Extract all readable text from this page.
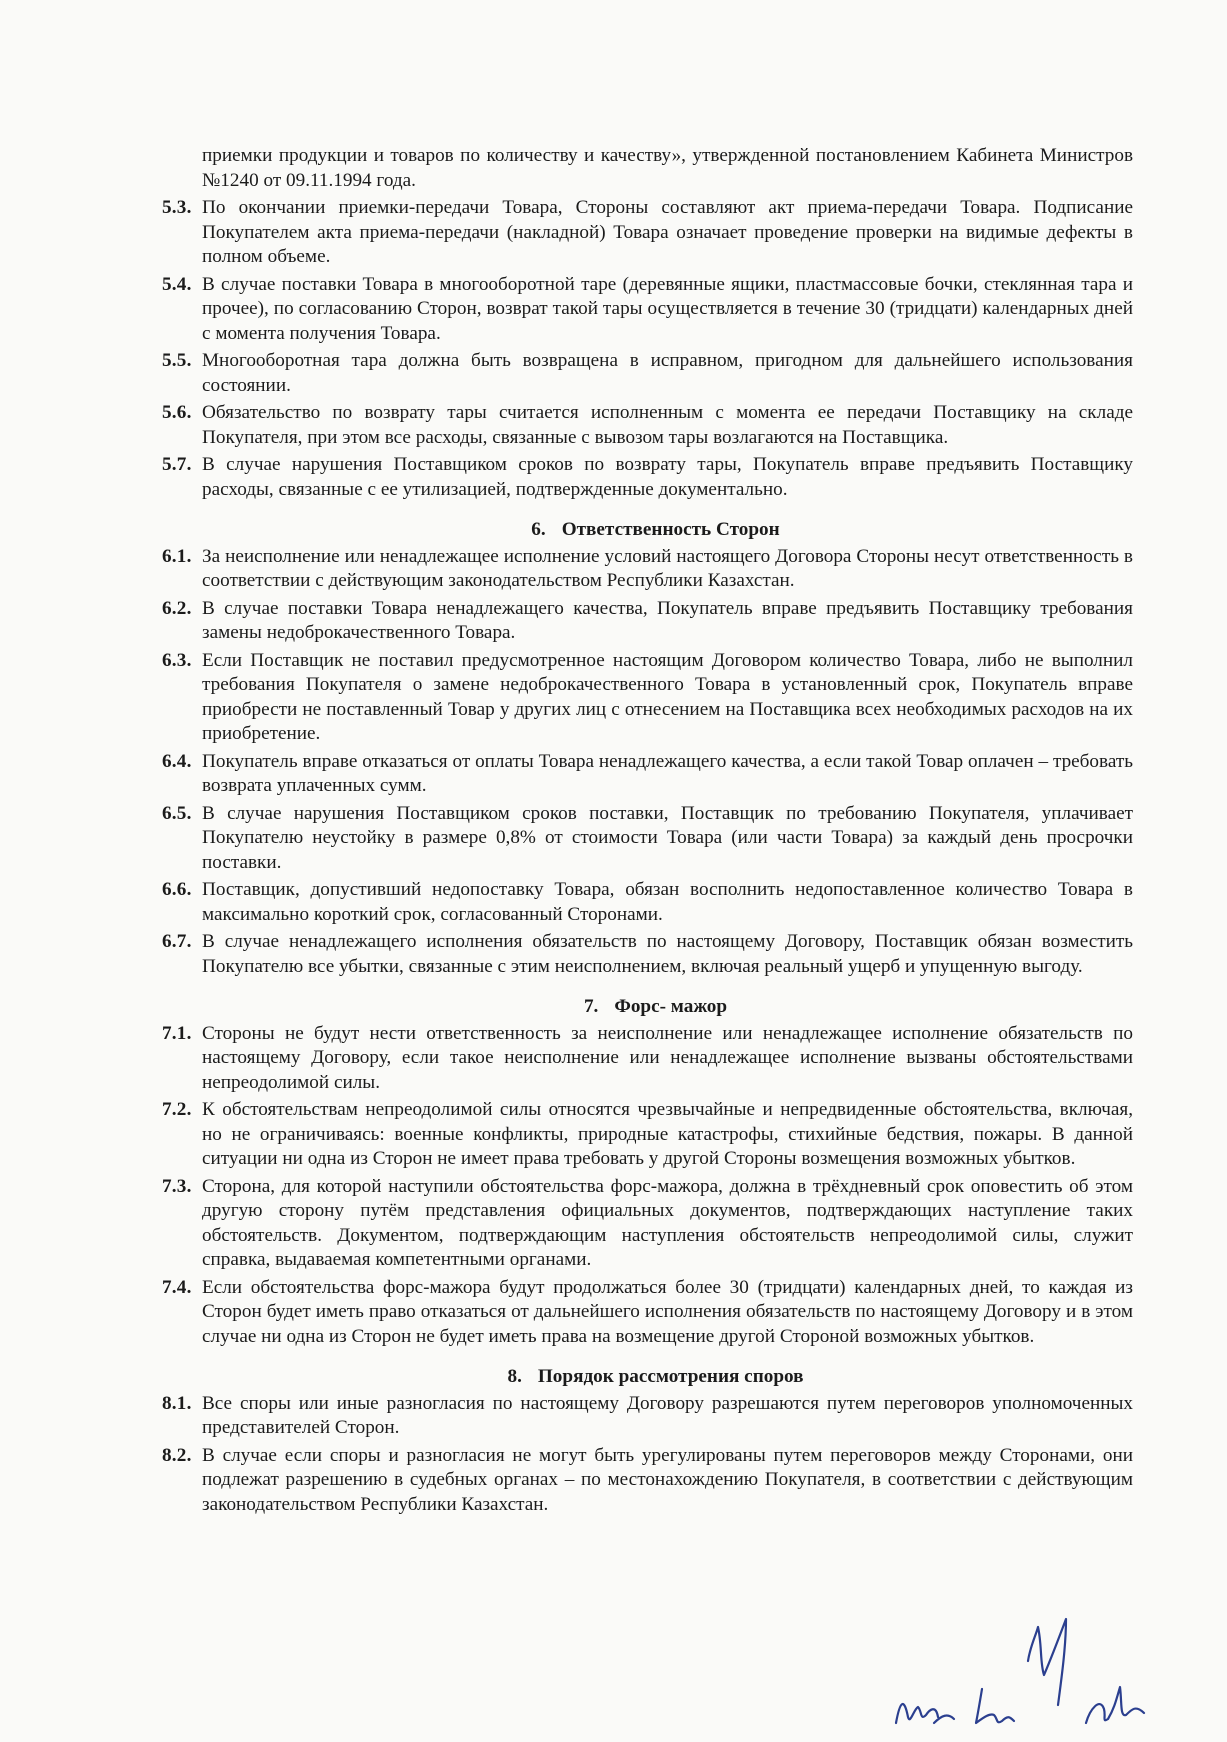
приемки продукции и товаров по количеству и качеству», утвержденной постановлением Кабинета Министров №1240 от 09.11.1994 года.

5.3. По окончании приемки-передачи Товара, Стороны составляют акт приема-передачи Товара. Подписание Покупателем акта приема-передачи (накладной) Товара означает проведение проверки на видимые дефекты в полном объеме.
5.4. В случае поставки Товара в многооборотной таре (деревянные ящики, пластмассовые бочки, стеклянная тара и прочее), по согласованию Сторон, возврат такой тары осуществляется в течение 30 (тридцати) календарных дней с момента получения Товара.
5.5. Многооборотная тара должна быть возвращена в исправном, пригодном для дальнейшего использования состоянии.
5.6. Обязательство по возврату тары считается исполненным с момента ее передачи Поставщику на складе Покупателя, при этом все расходы, связанные с вывозом тары возлагаются на Поставщика.
5.7. В случае нарушения Поставщиком сроков по возврату тары, Покупатель вправе предъявить Поставщику расходы, связанные с ее утилизацией, подтвержденные документально.
6. Ответственность Сторон
6.1. За неисполнение или ненадлежащее исполнение условий настоящего Договора Стороны несут ответственность в соответствии с действующим законодательством Республики Казахстан.
6.2. В случае поставки Товара ненадлежащего качества, Покупатель вправе предъявить Поставщику требования замены недоброкачественного Товара.
6.3. Если Поставщик не поставил предусмотренное настоящим Договором количество Товара, либо не выполнил требования Покупателя о замене недоброкачественного Товара в установленный срок, Покупатель вправе приобрести не поставленный Товар у других лиц с отнесением на Поставщика всех необходимых расходов на их приобретение.
6.4. Покупатель вправе отказаться от оплаты Товара ненадлежащего качества, а если такой Товар оплачен – требовать возврата уплаченных сумм.
6.5. В случае нарушения Поставщиком сроков поставки, Поставщик по требованию Покупателя, уплачивает Покупателю неустойку в размере 0,8% от стоимости Товара (или части Товара) за каждый день просрочки поставки.
6.6. Поставщик, допустивший недопоставку Товара, обязан восполнить недопоставленное количество Товара в максимально короткий срок, согласованный Сторонами.
6.7. В случае ненадлежащего исполнения обязательств по настоящему Договору, Поставщик обязан возместить Покупателю все убытки, связанные с этим неисполнением, включая реальный ущерб и упущенную выгоду.
7. Форс- мажор
7.1. Стороны не будут нести ответственность за неисполнение или ненадлежащее исполнение обязательств по настоящему Договору, если такое неисполнение или ненадлежащее исполнение вызваны обстоятельствами непреодолимой силы.
7.2. К обстоятельствам непреодолимой силы относятся чрезвычайные и непредвиденные обстоятельства, включая, но не ограничиваясь: военные конфликты, природные катастрофы, стихийные бедствия, пожары. В данной ситуации ни одна из Сторон не имеет права требовать у другой Стороны возмещения возможных убытков.
7.3. Сторона, для которой наступили обстоятельства форс-мажора, должна в трёхдневный срок оповестить об этом другую сторону путём представления официальных документов, подтверждающих наступление таких обстоятельств. Документом, подтверждающим наступления обстоятельств непреодолимой силы, служит справка, выдаваемая компетентными органами.
7.4. Если обстоятельства форс-мажора будут продолжаться более 30 (тридцати) календарных дней, то каждая из Сторон будет иметь право отказаться от дальнейшего исполнения обязательств по настоящему Договору и в этом случае ни одна из Сторон не будет иметь права на возмещение другой Стороной возможных убытков.
8. Порядок рассмотрения споров
8.1. Все споры или иные разногласия по настоящему Договору разрешаются путем переговоров уполномоченных представителей Сторон.
8.2. В случае если споры и разногласия не могут быть урегулированы путем переговоров между Сторонами, они подлежат разрешению в судебных органах – по местонахождению Покупателя, в соответствии с действующим законодательством Республики Казахстан.
